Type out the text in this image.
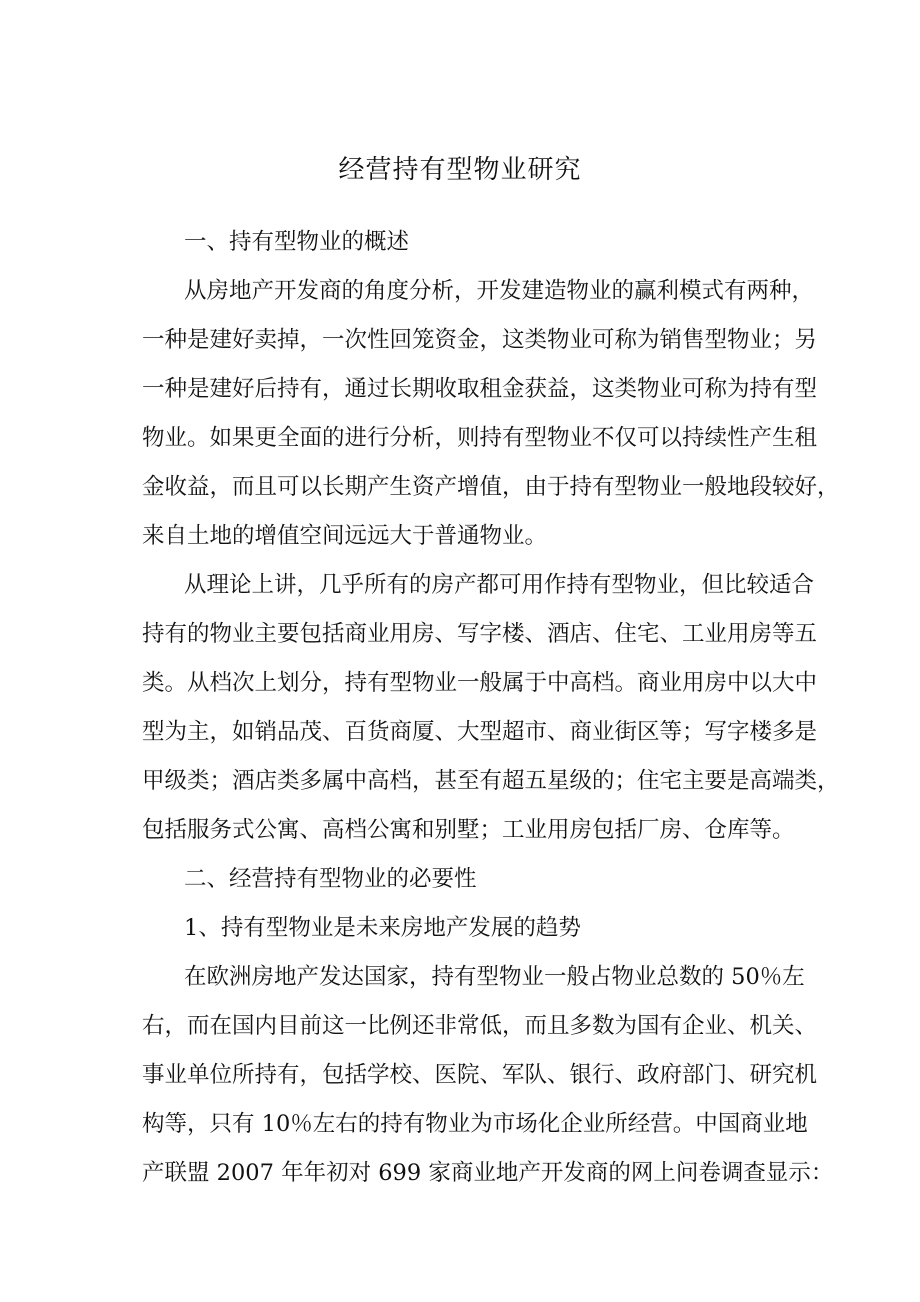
经营持有型物业研究
一、持有型物业的概述
从房地产开发商的角度分析，开发建造物业的赢利模式有两种，
一种是建好卖掉，一次性回笼资金，这类物业可称为销售型物业；另
一种是建好后持有，通过长期收取租金获益，这类物业可称为持有型
物业。如果更全面的进行分析，则持有型物业不仅可以持续性产生租
金收益，而且可以长期产生资产增值，由于持有型物业一般地段较好，
来自土地的增值空间远远大于普通物业。
从理论上讲，几乎所有的房产都可用作持有型物业，但比较适合
持有的物业主要包括商业用房、写字楼、酒店、住宅、工业用房等五
类。从档次上划分，持有型物业一般属于中高档。商业用房中以大中
型为主，如销品茂、百货商厦、大型超市、商业街区等；写字楼多是
甲级类；酒店类多属中高档，甚至有超五星级的；住宅主要是高端类，
包括服务式公寓、高档公寓和别墅；工业用房包括厂房、仓库等。
二、经营持有型物业的必要性
1、持有型物业是未来房地产发展的趋势
在欧洲房地产发达国家，持有型物业一般占物业总数的 50％左
右，而在国内目前这一比例还非常低，而且多数为国有企业、机关、
事业单位所持有，包括学校、医院、军队、银行、政府部门、研究机
构等，只有 10％左右的持有物业为市场化企业所经营。中国商业地
产联盟 2007 年年初对 699 家商业地产开发商的网上问卷调查显示：
